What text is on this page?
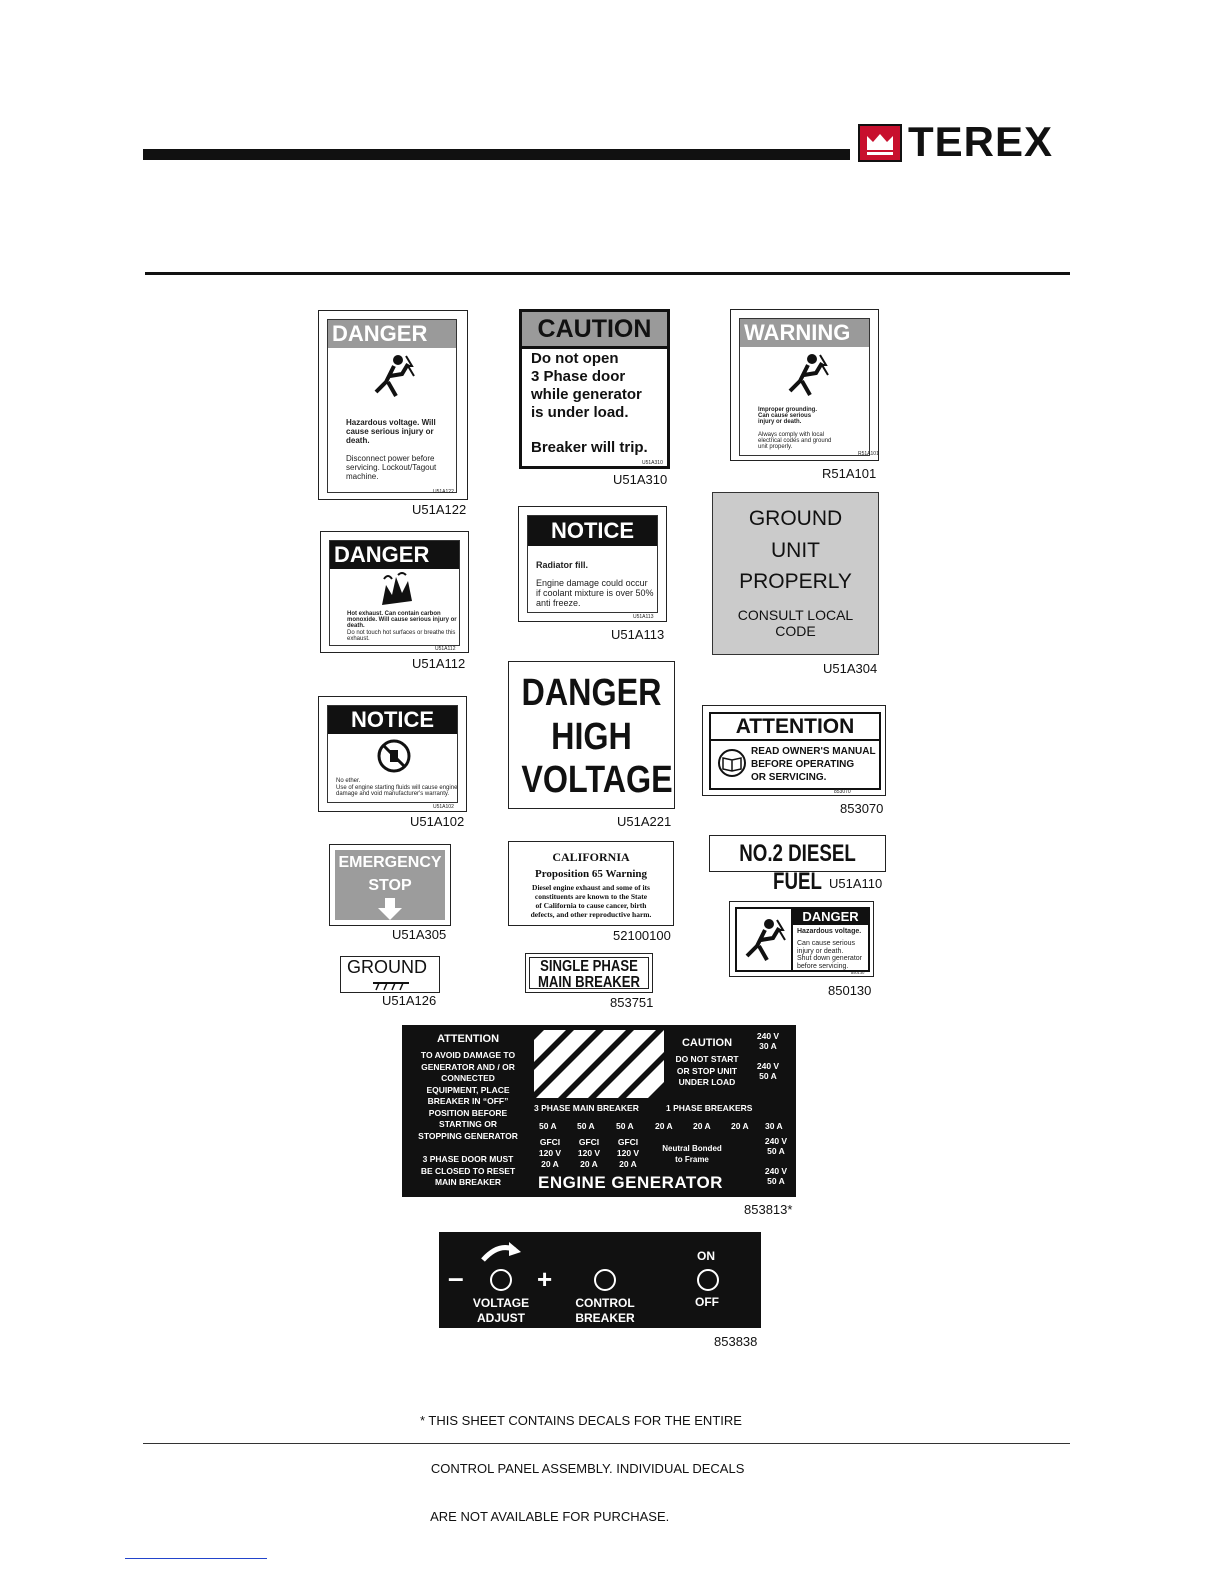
TEREX
DANGER
Hazardous voltage. Will cause serious injury or death.
Disconnect power before servicing. Lockout/Tagout machine.
U51A122
U51A122
CAUTION
Do not open
3 Phase door
while generator
is under load.
Breaker will trip.
U51A310
U51A310
WARNING
Improper grounding. Can cause serious injury or death.
Always comply with local electrical codes and ground unit properly.
R51A101
R51A101
DANGER
Hot exhaust. Can contain carbon monoxide. Will cause serious injury or death.
Do not touch hot surfaces or breathe this exhaust.
U51A112
U51A112
NOTICE
Radiator fill.
Engine damage could occur if coolant mixture is over 50% anti freeze.
U51A113
U51A113
GROUND
UNIT
PROPERLY
CONSULT LOCAL
CODE
U51A304
NOTICE
No ether.
Use of engine starting fluids will cause engine damage and void manufacturer's warranty.
U51A102
U51A102
DANGER
HIGH
VOLTAGE
U51A221
ATTENTION
READ OWNER'S MANUAL
BEFORE OPERATING
OR SERVICING.
853070
853070
EMERGENCY
STOP
U51A305
CALIFORNIA
Proposition 65 Warning
Diesel engine exhaust and some of its
constituents are known to the State
of California to cause cancer, birth
defects, and other reproductive harm.
52100100
NO.2 DIESEL FUEL U51A110
DANGER
Hazardous voltage.
Can cause serious
injury or death.
Shut down generator
before servicing.
850130
850130
GROUND
U51A126
SINGLE PHASE
MAIN BREAKER
853751
ATTENTION
TO AVOID DAMAGE TO
GENERATOR AND / OR
CONNECTED
EQUIPMENT, PLACE
BREAKER IN “OFF”
POSITION BEFORE
STARTING OR
STOPPING GENERATOR
3 PHASE DOOR MUST
BE CLOSED TO RESET
MAIN BREAKER
CAUTION
DO NOT START
OR STOP UNIT
UNDER LOAD
240 V
30 A
240 V
50 A
3 PHASE MAIN BREAKER	1 PHASE BREAKERS
50 A 50 A	50 A	20 A 20 A 20 A 30 A
GFCI
120 V
20 A
GFCI
120 V
20 A
GFCI
120 V
20 A
Neutral Bonded
to Frame
240 V
50 A
240 V
50 A
ENGINE GENERATOR
853813*
–	+
ON
OFF
VOLTAGE
ADJUST
CONTROL
BREAKER
853838

* THIS SHEET CONTAINS DECALS FOR THE ENTIRE

CONTROL PANEL ASSEMBLY. INDIVIDUAL DECALS

ARE NOT AVAILABLE FOR PURCHASE.
